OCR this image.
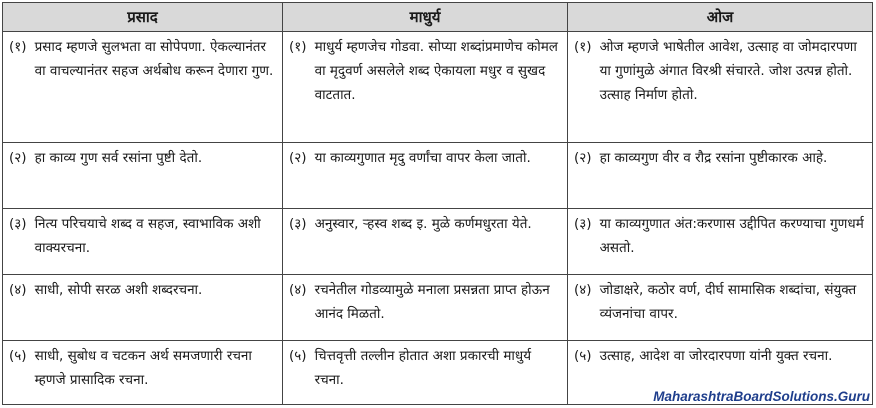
प्रसाद	माधुर्य	ओज

(१) प्रसाद म्हणजे सुलभता वा सोपेपणा. ऐकल्यानंतर वा वाचल्यानंतर सहज अर्थबोध करून देणारा गुण.	(१) माधुर्य म्हणजेच गोडवा. सोप्या शब्दांप्रमाणेच कोमल वा मृदुवर्ण असलेले शब्द ऐकायला मधुर व सुखद वाटतात.	(१) ओज म्हणजे भाषेतील आवेश, उत्साह वा जोमदारपणा या गुणांमुळे अंगात विरश्री संचारते. जोश उत्पन्न होतो. उत्साह निर्माण होतो.

(२) हा काव्य गुण सर्व रसांना पुष्टी देतो.	(२) या काव्यगुणात मृदु वर्णांचा वापर केला जातो.	(२) हा काव्यगुण वीर व रौद्र रसांना पुष्टीकारक आहे.

(३) नित्य परिचयाचे शब्द व सहज, स्वाभाविक अशी वाक्यरचना.	(३) अनुस्वार, ऱ्हस्व शब्द इ. मुळे कर्णमधुरता येते.	(३) या काव्यगुणात अंत:करणास उद्दीपित करण्याचा गुणधर्म असतो.

(४) साधी, सोपी सरळ अशी शब्दरचना.	(४) रचनेतील गोडव्यामुळे मनाला प्रसन्नता प्राप्त होऊन आनंद मिळतो.	(४) जोडाक्षरे, कठोर वर्ण, दीर्घ सामासिक शब्दांचा, संयुक्त व्यंजनांचा वापर.

(५) साधी, सुबोध व चटकन अर्थ समजणारी रचना म्हणजे प्रासादिक रचना.	(५) चित्तवृत्ती तल्लीन होतात अशा प्रकारची माधुर्य रचना.	(५) उत्साह, आदेश वा जोरदारपणा यांनी युक्त रचना.
MaharashtraBoardSolutions.Guru
